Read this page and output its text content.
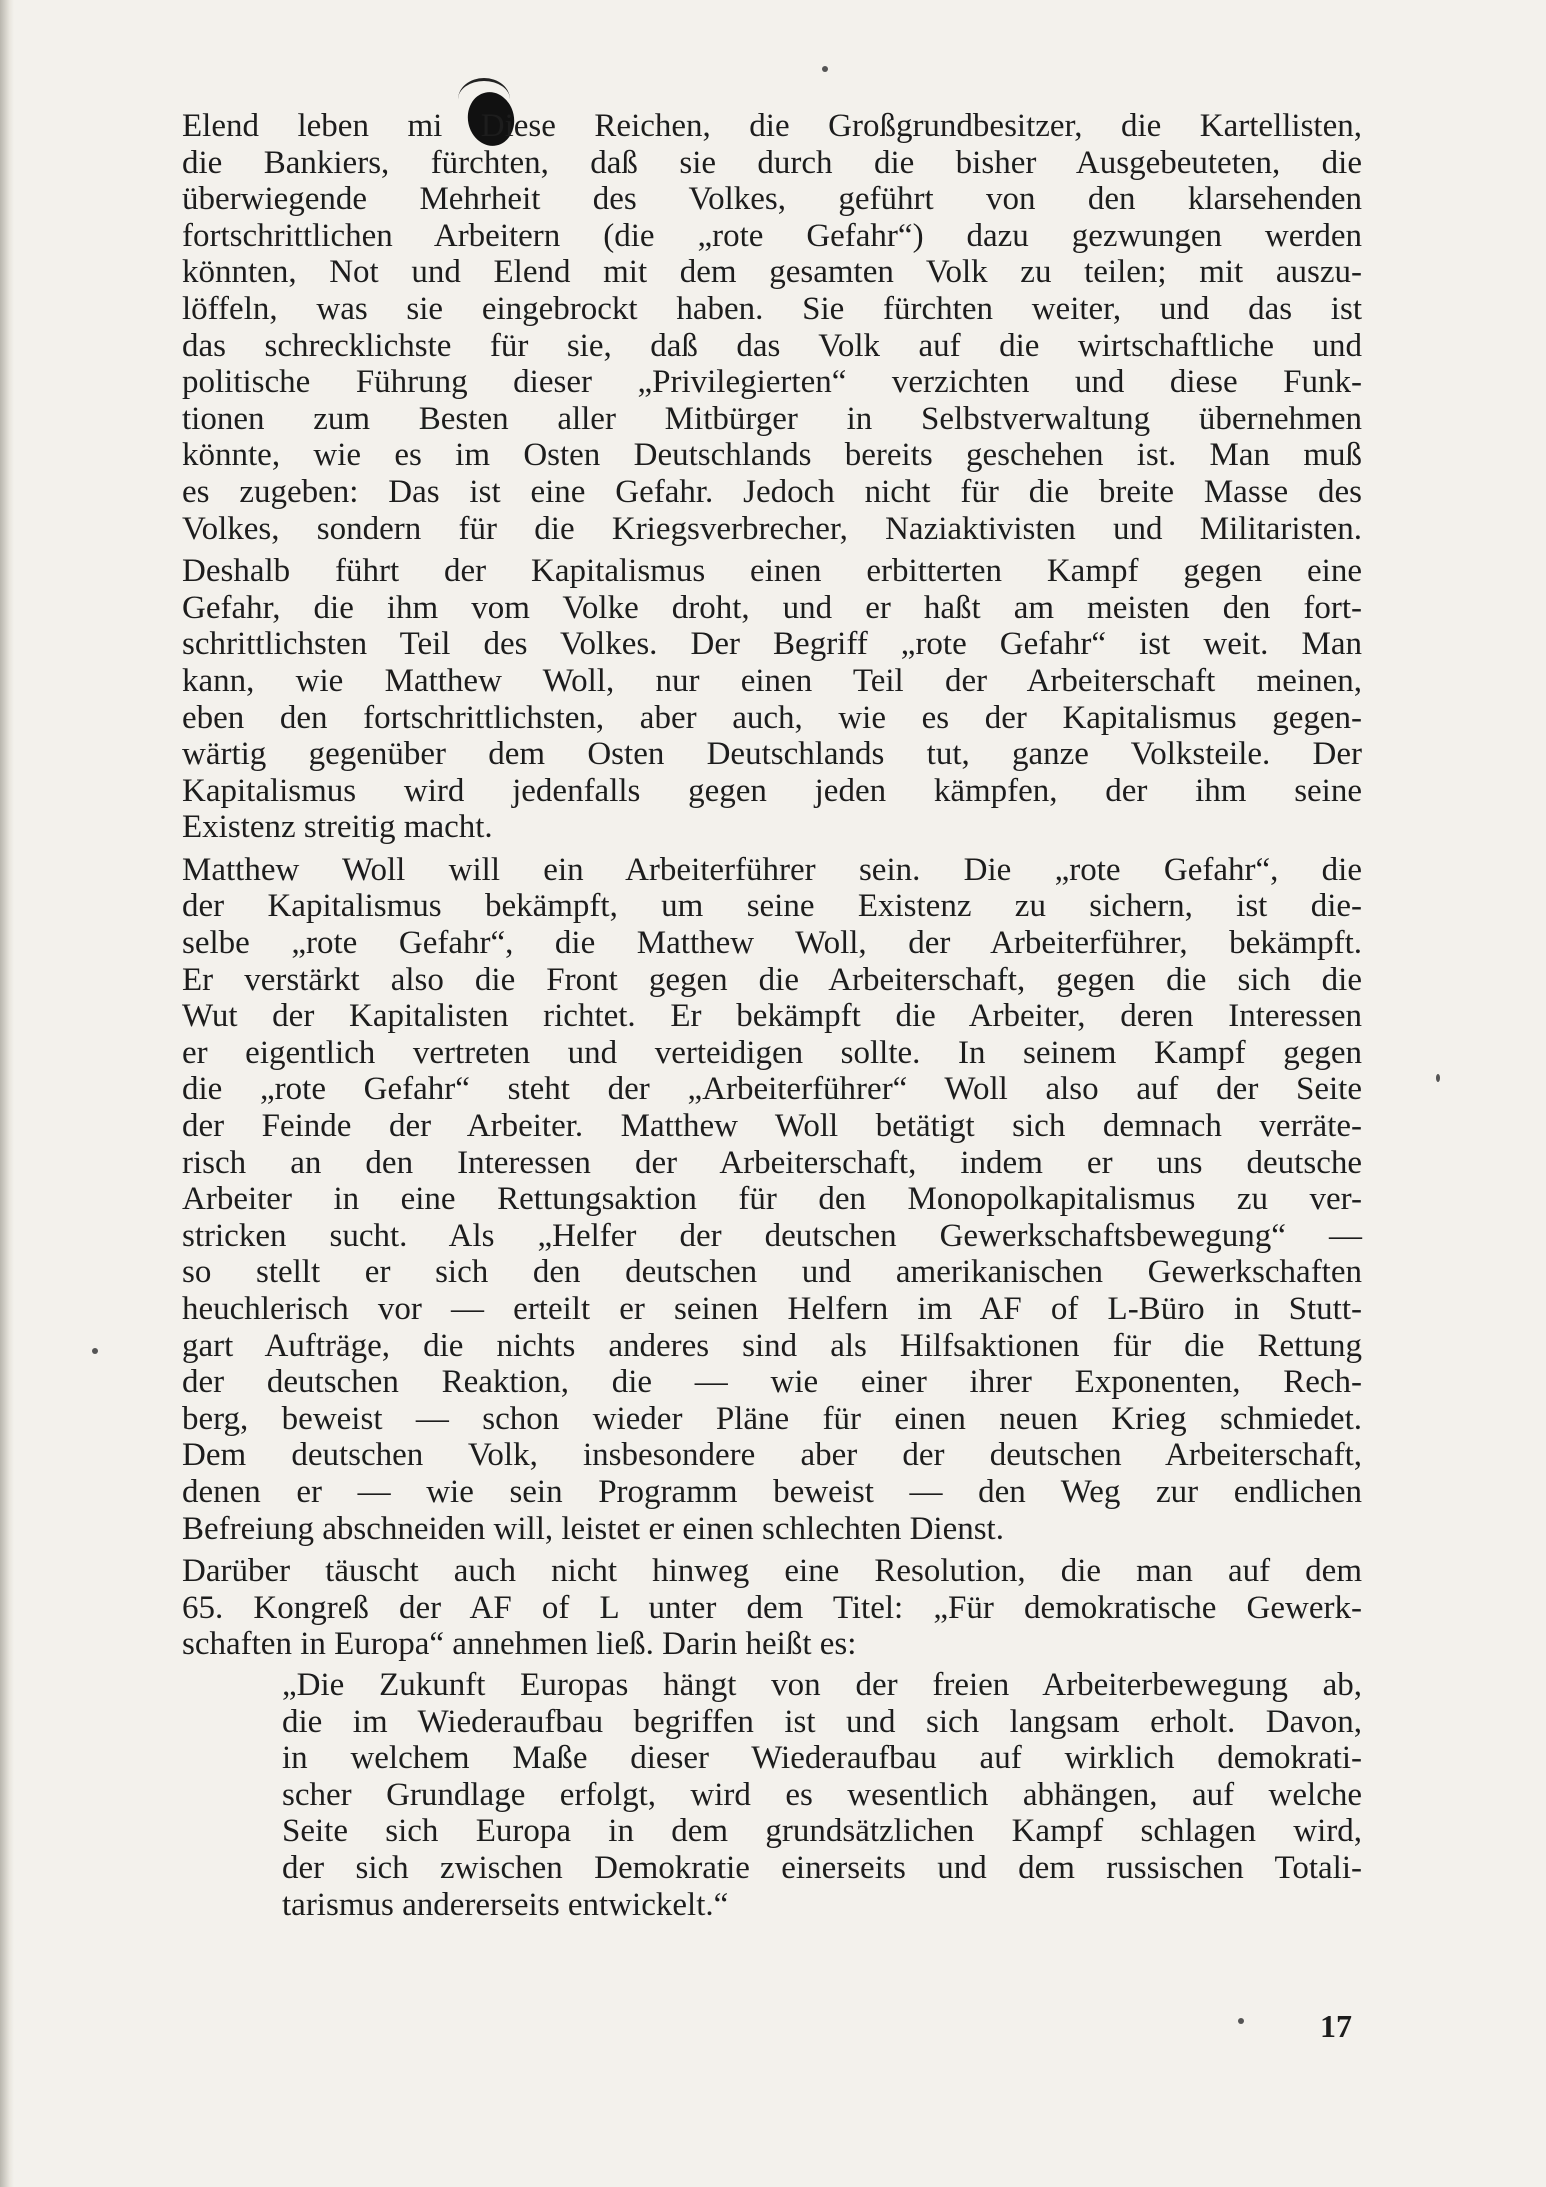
Elend leben mi Diese Reichen, die Großgrundbesitzer, die Kartellisten,
die Bankiers, fürchten, daß sie durch die bisher Ausgebeuteten, die
überwiegende Mehrheit des Volkes, geführt von den klarsehenden
fortschrittlichen Arbeitern (die „rote Gefahr“) dazu gezwungen werden
könnten, Not und Elend mit dem gesamten Volk zu teilen; mit auszu-
löffeln, was sie eingebrockt haben. Sie fürchten weiter, und das ist
das schrecklichste für sie, daß das Volk auf die wirtschaftliche und
politische Führung dieser „Privilegierten“ verzichten und diese Funk-
tionen zum Besten aller Mitbürger in Selbstverwaltung übernehmen
könnte, wie es im Osten Deutschlands bereits geschehen ist. Man muß
es zugeben: Das ist eine Gefahr. Jedoch nicht für die breite Masse des
Volkes, sondern für die Kriegsverbrecher, Naziaktivisten und Militaristen.
Deshalb führt der Kapitalismus einen erbitterten Kampf gegen eine
Gefahr, die ihm vom Volke droht, und er haßt am meisten den fort-
schrittlichsten Teil des Volkes. Der Begriff „rote Gefahr“ ist weit. Man
kann, wie Matthew Woll, nur einen Teil der Arbeiterschaft meinen,
eben den fortschrittlichsten, aber auch, wie es der Kapitalismus gegen-
wärtig gegenüber dem Osten Deutschlands tut, ganze Volksteile. Der
Kapitalismus wird jedenfalls gegen jeden kämpfen, der ihm seine
Existenz streitig macht.
Matthew Woll will ein Arbeiterführer sein. Die „rote Gefahr“, die
der Kapitalismus bekämpft, um seine Existenz zu sichern, ist die-
selbe „rote Gefahr“, die Matthew Woll, der Arbeiterführer, bekämpft.
Er verstärkt also die Front gegen die Arbeiterschaft, gegen die sich die
Wut der Kapitalisten richtet. Er bekämpft die Arbeiter, deren Interessen
er eigentlich vertreten und verteidigen sollte. In seinem Kampf gegen
die „rote Gefahr“ steht der „Arbeiterführer“ Woll also auf der Seite
der Feinde der Arbeiter. Matthew Woll betätigt sich demnach verräte-
risch an den Interessen der Arbeiterschaft, indem er uns deutsche
Arbeiter in eine Rettungsaktion für den Monopolkapitalismus zu ver-
stricken sucht. Als „Helfer der deutschen Gewerkschaftsbewegung“ —
so stellt er sich den deutschen und amerikanischen Gewerkschaften
heuchlerisch vor — erteilt er seinen Helfern im AF of L-Büro in Stutt-
gart Aufträge, die nichts anderes sind als Hilfsaktionen für die Rettung
der deutschen Reaktion, die — wie einer ihrer Exponenten, Rech-
berg, beweist — schon wieder Pläne für einen neuen Krieg schmiedet.
Dem deutschen Volk, insbesondere aber der deutschen Arbeiterschaft,
denen er — wie sein Programm beweist — den Weg zur endlichen
Befreiung abschneiden will, leistet er einen schlechten Dienst.
Darüber täuscht auch nicht hinweg eine Resolution, die man auf dem
65. Kongreß der AF of L unter dem Titel: „Für demokratische Gewerk-
schaften in Europa“ annehmen ließ. Darin heißt es:
„Die Zukunft Europas hängt von der freien Arbeiterbewegung ab,
die im Wiederaufbau begriffen ist und sich langsam erholt. Davon,
in welchem Maße dieser Wiederaufbau auf wirklich demokrati-
scher Grundlage erfolgt, wird es wesentlich abhängen, auf welche
Seite sich Europa in dem grundsätzlichen Kampf schlagen wird,
der sich zwischen Demokratie einerseits und dem russischen Totali-
tarismus andererseits entwickelt.“
17
